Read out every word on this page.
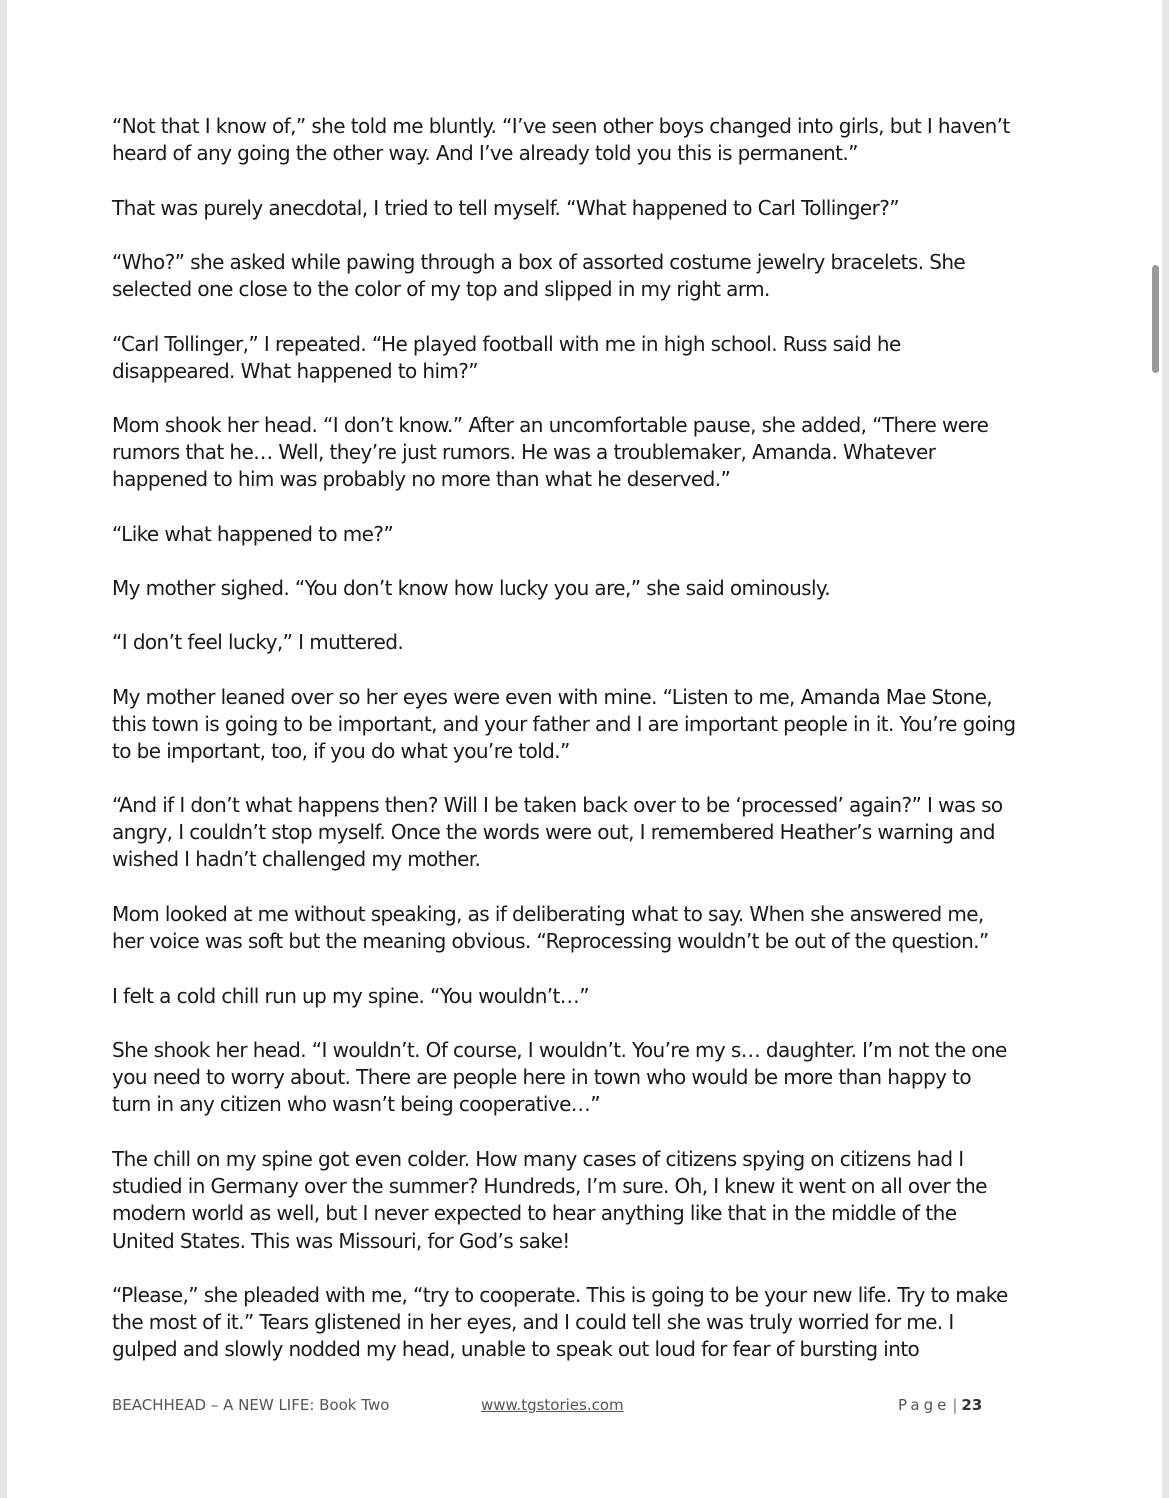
“Not that I know of,” she told me bluntly. “I’ve seen other boys changed into girls, but I haven’t
heard of any going the other way. And I’ve already told you this is permanent.”

That was purely anecdotal, I tried to tell myself. “What happened to Carl Tollinger?”

“Who?” she asked while pawing through a box of assorted costume jewelry bracelets. She
selected one close to the color of my top and slipped in my right arm.

“Carl Tollinger,” I repeated. “He played football with me in high school. Russ said he
disappeared. What happened to him?”

Mom shook her head. “I don’t know.” After an uncomfortable pause, she added, “There were
rumors that he… Well, they’re just rumors. He was a troublemaker, Amanda. Whatever
happened to him was probably no more than what he deserved.”

“Like what happened to me?”

My mother sighed. “You don’t know how lucky you are,” she said ominously.

“I don’t feel lucky,” I muttered.

My mother leaned over so her eyes were even with mine. “Listen to me, Amanda Mae Stone,
this town is going to be important, and your father and I are important people in it. You’re going
to be important, too, if you do what you’re told.”

“And if I don’t what happens then? Will I be taken back over to be ‘processed’ again?” I was so
angry, I couldn’t stop myself. Once the words were out, I remembered Heather’s warning and
wished I hadn’t challenged my mother.

Mom looked at me without speaking, as if deliberating what to say. When she answered me,
her voice was soft but the meaning obvious. “Reprocessing wouldn’t be out of the question.”

I felt a cold chill run up my spine. “You wouldn’t…”

She shook her head. “I wouldn’t. Of course, I wouldn’t. You’re my s… daughter. I’m not the one
you need to worry about. There are people here in town who would be more than happy to
turn in any citizen who wasn’t being cooperative…”

The chill on my spine got even colder. How many cases of citizens spying on citizens had I
studied in Germany over the summer? Hundreds, I’m sure. Oh, I knew it went on all over the
modern world as well, but I never expected to hear anything like that in the middle of the
United States. This was Missouri, for God’s sake!

“Please,” she pleaded with me, “try to cooperate. This is going to be your new life. Try to make
the most of it.” Tears glistened in her eyes, and I could tell she was truly worried for me. I
gulped and slowly nodded my head, unable to speak out loud for fear of bursting into

BEACHHEAD – A NEW LIFE: Book Two	www.tgstories.com	Page | 23
